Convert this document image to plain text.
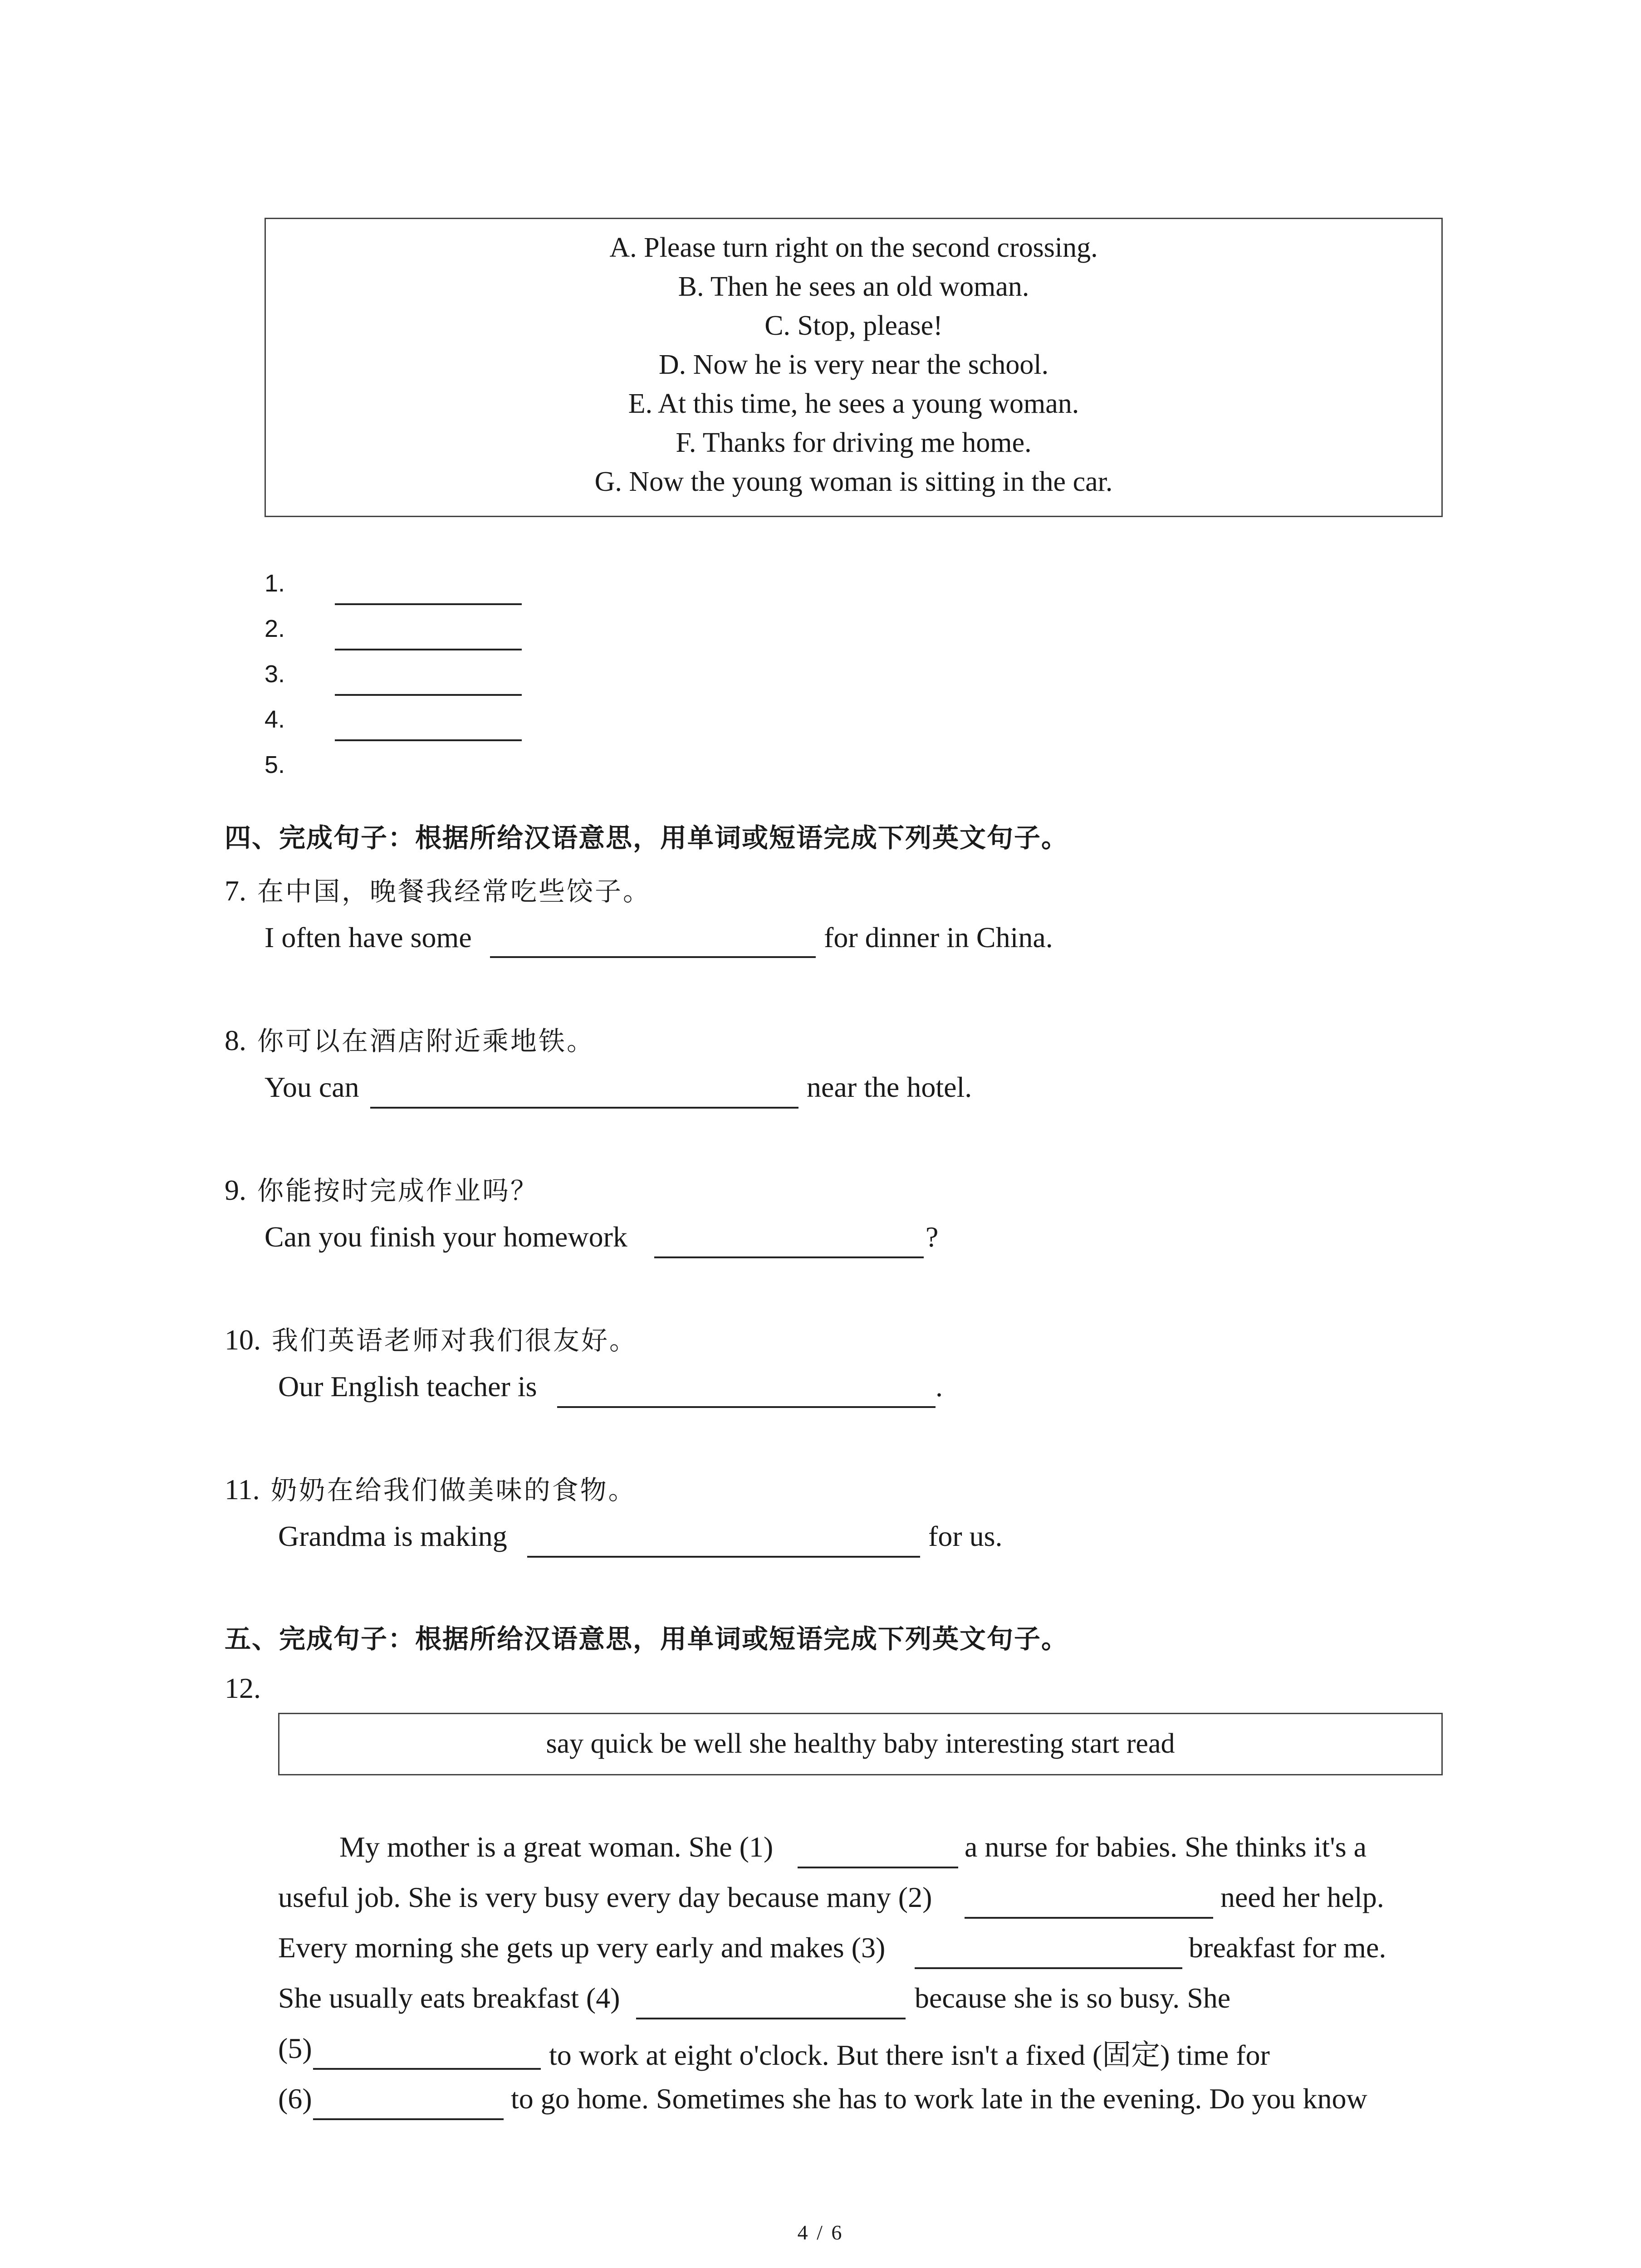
A. Please turn right on the second crossing.
B. Then he sees an old woman.
C. Stop, please!
D. Now he is very near the school.
E. At this time, he sees a young woman.
F. Thanks for driving me home.
G. Now the young woman is sitting in the car.
1.
2.
3.
4.
5.
四、完成句子：根据所给汉语意思，用单词或短语完成下列英文句子。
7. 在中国，晚餐我经常吃些饺子。
I often have some	for dinner in China.
8. 你可以在酒店附近乘地铁。
You can	near the hotel.
9. 你能按时完成作业吗？
Can you finish your homework	?
10. 我们英语老师对我们很友好。
Our English teacher is	.
11. 奶奶在给我们做美味的食物。
Grandma is making	for us.
五、完成句子：根据所给汉语意思，用单词或短语完成下列英文句子。
12.
say quick be well she healthy baby interesting start read
My mother is a great woman. She (1)	a nurse for babies. She thinks it's a
useful job. She is very busy every day because many (2)	need her help.
Every morning she gets up very early and makes (3)	breakfast for me.
She usually eats breakfast (4)	because she is so busy. She
(5)	to work at eight o'clock. But there isn't a fixed (固定) time for
(6)	to go home. Sometimes she has to work late in the evening. Do you know
4 / 6
